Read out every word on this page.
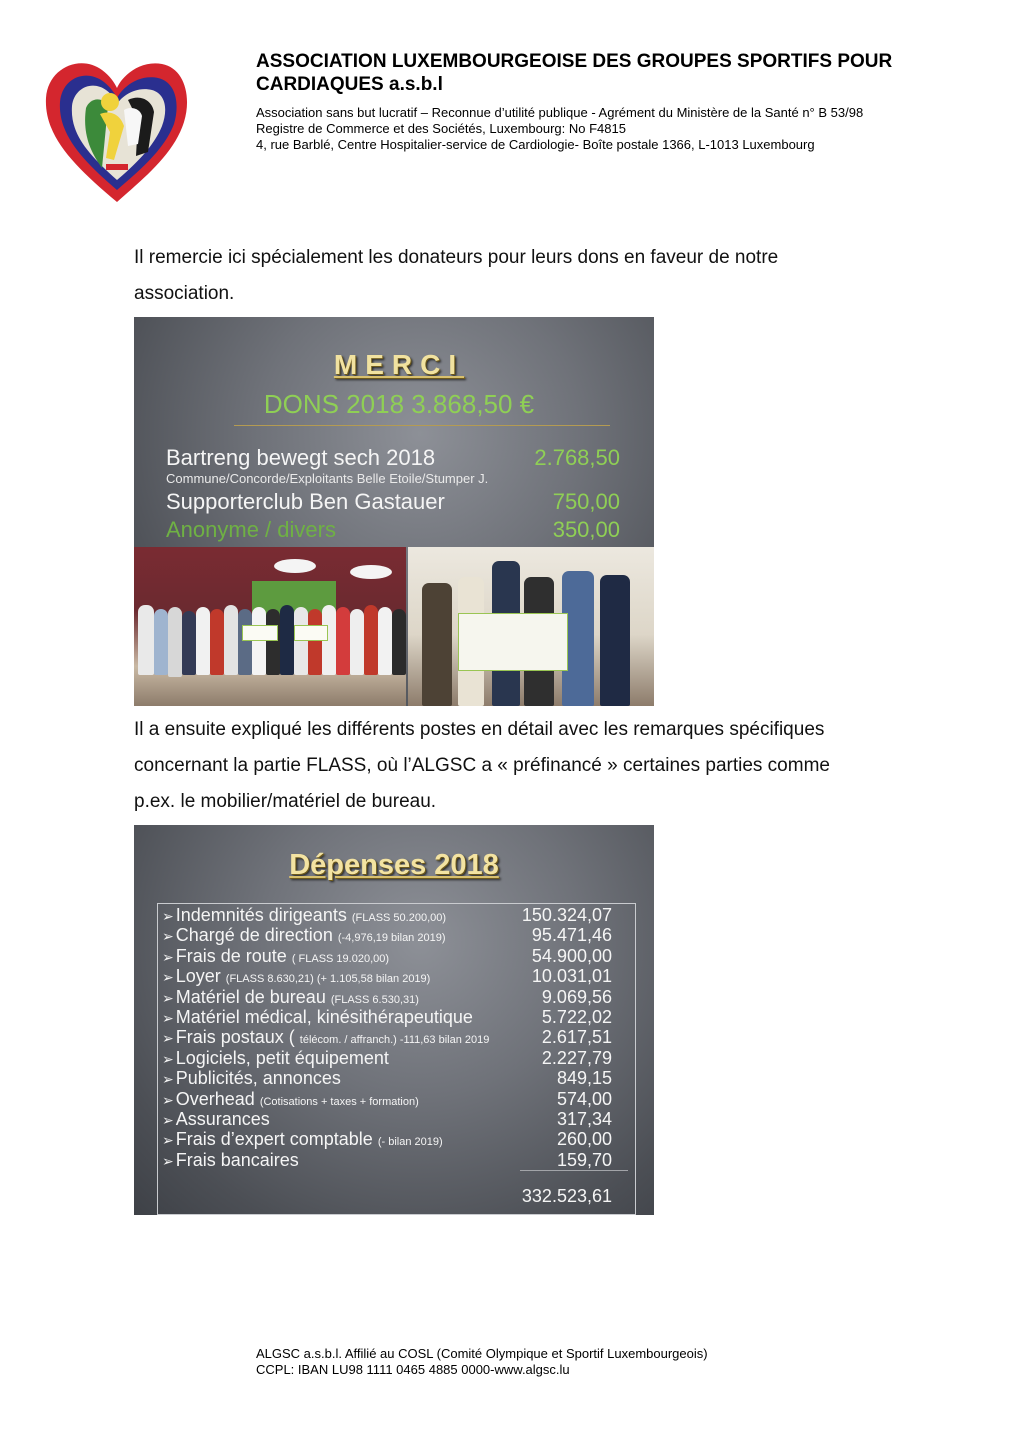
ASSOCIATION LUXEMBOURGEOISE DES GROUPES SPORTIFS POUR
CARDIAQUES a.s.b.l
Association sans but lucratif – Reconnue d’utilité publique - Agrément du Ministère de la Santé n° B 53/98
Registre de Commerce et des Sociétés, Luxembourg: No F4815
4, rue Barblé, Centre Hospitalier-service de Cardiologie- Boîte postale 1366, L-1013 Luxembourg
Il remercie ici spécialement les donateurs pour leurs dons en faveur de notre
association.
MERCI
DONS 2018 3.868,50 €
Bartreng bewegt sech 2018	2.768,50
Commune/Concorde/Exploitants Belle Etoile/Stumper J.
Supporterclub Ben Gastauer	750,00
Anonyme / divers	350,00
Il a ensuite expliqué les différents postes en détail avec les remarques spécifiques
concernant la partie FLASS, où l’ALGSC a « préfinancé » certaines parties comme
p.ex. le mobilier/matériel de bureau.
Dépenses 2018
➢ Indemnités dirigeants (FLASS 50.200,00)	150.324,07
➢ Chargé de direction (-4,976,19 bilan 2019)	95.471,46
➢ Frais de route ( FLASS 19.020,00)	54.900,00
➢ Loyer (FLASS 8.630,21) (+ 1.105,58 bilan 2019)	10.031,01
➢ Matériel de bureau (FLASS 6.530,31)	9.069,56
➢ Matériel médical, kinésithérapeutique	5.722,02
➢ Frais postaux ( télécom. / affranch.) -111,63 bilan 2019	2.617,51
➢ Logiciels, petit équipement	2.227,79
➢ Publicités, annonces	849,15
➢ Overhead (Cotisations + taxes + formation)	574,00
➢ Assurances	317,34
➢ Frais d’expert comptable (- bilan 2019)	260,00
➢ Frais bancaires	159,70
332.523,61
ALGSC a.s.b.l. Affilié au COSL (Comité Olympique et Sportif Luxembourgeois)
CCPL: IBAN LU98 1111 0465 4885 0000-www.algsc.lu
